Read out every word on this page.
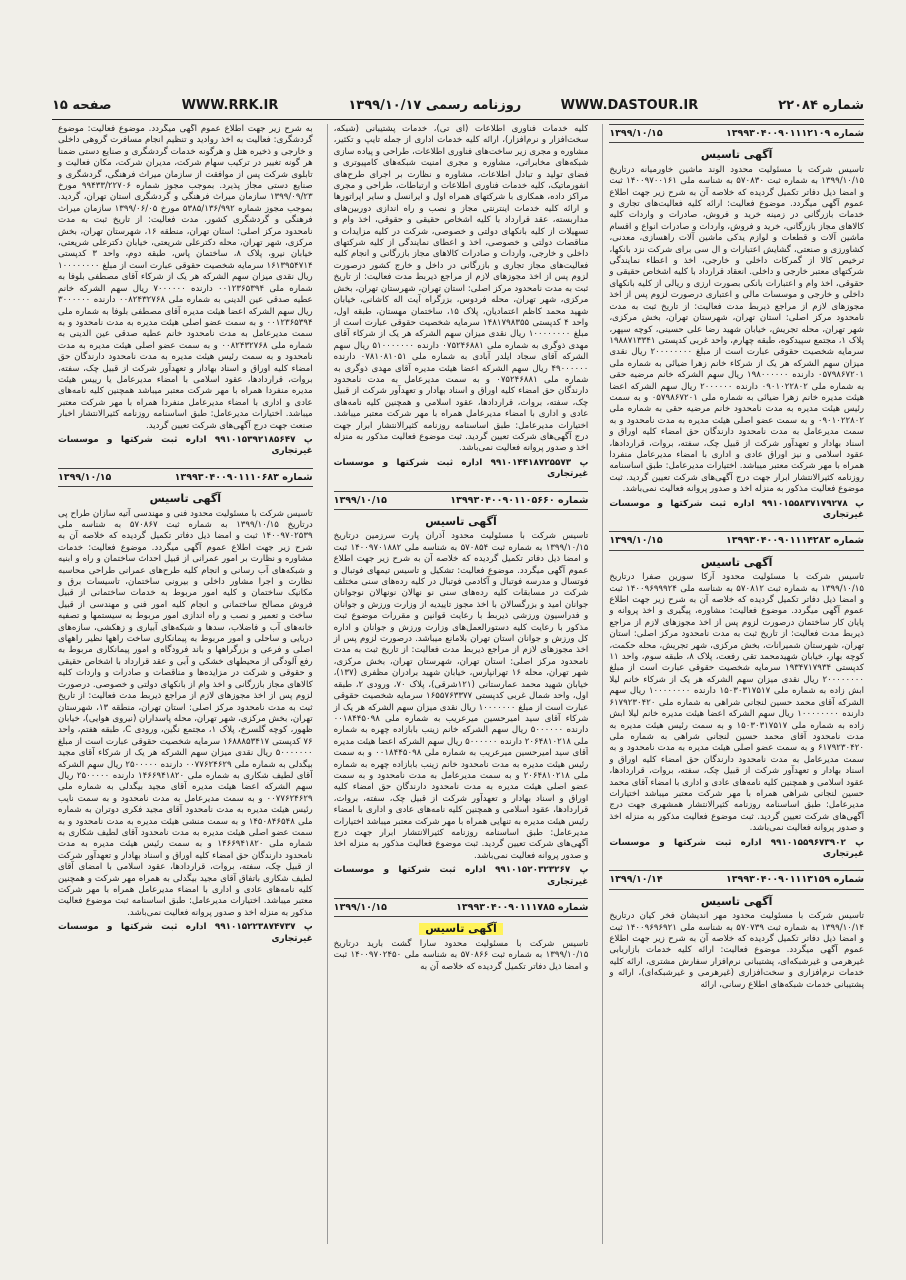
صفحه ۱۵	WWW.RRK.IR	روزنامه رسمی ۱۳۹۹/۱۰/۱۷	WWW.DASTOUR.IR	شماره ۲۲۰۸۴
شماره ۱۳۹۹۳۰۴۰۰۹۰۱۱۱۲۱۰۹
۱۳۹۹/۱۰/۱۵
آگهی تاسیس

تاسیس شرکت با مسئولیت محدود الوند ماشین خاورمیانه درتاریخ ۱۳۹۹/۱۰/۱۵ به شماره ثبت ۵۷۰۸۳۰ به شناسه ملی ۱۴۰۰۹۷۰۰۱۶۱ ثبت و امضا ذیل دفاتر تکمیل گردیده که خلاصه آن به شرح زیر جهت اطلاع عموم آگهی میگردد. موضوع فعالیت: ارائه کلیه فعالیت‌های تجاری و خدمات بازرگانی در زمینه خرید و فروش، صادرات و واردات کلیه کالاهای مجاز بازرگانی، خرید و فروش، واردات و صادرات انواع و اقسام ماشین آلات و قطعات و لوازم یدکی ماشین آلات راهسازی، معدنی، کشاورزی و صنعتی، گشایش اعتبارات و ال سی برای شرکت نزد بانکها، ترخیص کالا از گمرکات داخلی و خارجی، اخذ و اعطاء نمایندگی شرکتهای معتبر خارجی و داخلی. انعقاد قرارداد با کلیه اشخاص حقیقی و حقوقی، اخذ وام و اعتبارات بانکی بصورت ارزی و ریالی از کلیه بانکهای داخلی و خارجی و موسسات مالی و اعتباری درصورت لزوم پس از اخذ مجوزهای لازم از مراجع ذیربط مدت فعالیت: از تاریخ ثبت به مدت نامحدود مرکز اصلی: استان تهران، شهرستان تهران، بخش مرکزی، شهر تهران، محله تجریش، خیابان شهید رضا علی حسینی، کوچه سپهر، پلاک ۱، مجتمع سپیدکوه، طبقه چهارم، واحد غربی کدپستی ۱۹۸۸۷۱۳۳۴۱ سرمایه شخصیت حقوقی عبارت است از مبلغ ۲۰۰۰۰۰۰۰۰ ریال نقدی میزان سهم الشرکه هر یک از شرکاء خانم زهرا ضیائی به شماره ملی ۰۵۷۹۸۶۷۲۰۱ دارنده ۱۹۸۰۰۰۰۰۰ ریال سهم الشرکه خانم مرضیه حقی به شماره ملی ۰۹۰۱۰۲۲۸۰۲ دارنده ۲۰۰۰۰۰۰ ریال سهم الشرکه اعضا هیئت مدیره خانم زهرا ضیائی به شماره ملی ۰۵۷۹۸۶۷۲۰۱ و به سمت رئیس هیئت مدیره به مدت نامحدود خانم مرضیه حقی به شماره ملی ۰۹۰۱۰۲۲۸۰۲ و به سمت عضو اصلی هیئت مدیره به مدت نامحدود و به سمت مدیرعامل به مدت نامحدود دارندگان حق امضاء کلیه اوراق و اسناد بهادار و تعهدآور شرکت از قبیل چک، سفته، بروات، قراردادها، عقود اسلامی و نیز اوراق عادی و اداری با امضاء مدیرعامل منفردا همراه با مهر شرکت معتبر میباشد. اختیارات مدیرعامل: طبق اساسنامه روزنامه کثیرالانتشار ابرار جهت درج آگهی‌های شرکت تعیین گردید. ثبت موضوع فعالیت مذکور به منزله اخذ و صدور پروانه فعالیت نمی‌باشد.

پ ۹۹۱۰۱۵۵۸۳۷۱۷۹۲۷۸ اداره ثبت شرکتها و موسسات غیرتجاری
شماره ۱۳۹۹۳۰۴۰۰۹۰۱۱۱۴۲۸۳
۱۳۹۹/۱۰/۱۵
آگهی تاسیس

تاسیس شرکت با مسئولیت محدود آرکا سورین صفرا درتاریخ ۱۳۹۹/۱۰/۱۵ به شماره ثبت ۵۷۰۸۱۲ به شناسه ملی ۱۴۰۰۹۶۹۹۹۲۴ ثبت و امضا ذیل دفاتر تکمیل گردیده که خلاصه آن به شرح زیر جهت اطلاع عموم آگهی میگردد. موضوع فعالیت: مشاوره، پیگیری و اخذ پروانه و پایان کار ساختمان درصورت لزوم پس از اخذ مجوزهای لازم از مراجع ذیربط مدت فعالیت: از تاریخ ثبت به مدت نامحدود مرکز اصلی: استان تهران، شهرستان شمیرانات، بخش مرکزی، شهر تجریش، محله حکمت، کوچه بهار، خیابان شهیدمحمد تقی رفعت، پلاک ۸، طبقه سوم، واحد ۱۱ کدپستی ۱۹۳۴۷۱۷۹۳۴ سرمایه شخصیت حقوقی عبارت است از مبلغ ۲۰۰۰۰۰۰۰۰ ریال نقدی میزان سهم الشرکه هر یک از شرکاء خانم لیلا ابش زاده به شماره ملی ۱۵۰۳۰۳۱۷۵۱۷ دارنده ۱۰۰۰۰۰۰۰۰ ریال سهم الشرکه آقای محمد حسین لنجانی شراهی به شماره ملی ۶۱۷۹۲۳۰۴۲۰ دارنده ۱۰۰۰۰۰۰۰۰ ریال سهم الشرکه اعضا هیئت مدیره خانم لیلا ابش زاده به شماره ملی ۱۵۰۳۰۳۱۷۵۱۷ و به سمت رئیس هیئت مدیره به مدت نامحدود آقای محمد حسین لنجانی شراهی به شماره ملی ۶۱۷۹۲۳۰۴۲۰ و به سمت عضو اصلی هیئت مدیره به مدت نامحدود و به سمت مدیرعامل به مدت نامحدود دارندگان حق امضاء کلیه اوراق و اسناد بهادار و تعهدآور شرکت از قبیل چک، سفته، بروات، قراردادها، عقود اسلامی و همچنین کلیه نامه‌های عادی و اداری با امضاء آقای محمد حسین لنجانی شراهی همراه با مهر شرکت معتبر میباشد اختیارات مدیرعامل: طبق اساسنامه روزنامه کثیرالانتشار همشهری جهت درج آگهی‌های شرکت تعیین گردید. ثبت موضوع فعالیت مذکور به منزله اخذ و صدور پروانه فعالیت نمی‌باشد.

پ ۹۹۱۰۱۵۵۹۶۷۳۹۰۲ اداره ثبت شرکتها و موسسات غیرتجاری
شماره ۱۳۹۹۳۰۴۰۰۹۰۱۱۱۳۱۵۹
۱۳۹۹/۱۰/۱۴
آگهی تاسیس

تاسیس شرکت با مسئولیت محدود مهر اندیشان فخر کیان درتاریخ ۱۳۹۹/۱۰/۱۴ به شماره ثبت ۵۷۰۷۳۹ به شناسه ملی ۱۴۰۰۹۶۹۶۹۲۱ ثبت و امضا ذیل دفاتر تکمیل گردیده که خلاصه آن به شرح زیر جهت اطلاع عموم آگهی میگردد. موضوع فعالیت: ارائه کلیه خدمات بازاریابی غیرهرمی و غیرشبکه‌ای، پشتیبانی نرم‌افزار سفارش مشتری، ارائه کلیه خدمات نرم‌افزاری و سخت‌افزاری (غیرهرمی و غیرشبکه‌ای)، ارائه و پشتیبانی خدمات شبکه‌های اطلاع رسانی، ارائه

کلیه خدمات فناوری اطلاعات (آی تی)، خدمات پشتیبانی (شبکه، سخت‌افزار و نرم‌افزار)، ارائه کلیه خدمات اداری از جمله تایپ و تکثیر، مشاوره و مجری زیر ساخت‌های فناوری اطلاعات، طراحی و پیاده سازی شبکه‌های مخابراتی، مشاوره و مجری امنیت شبکه‌های کامپیوتری و فضای تولید و تبادل اطلاعات، مشاوره و نظارت بر اجرای طرح‌های انفورماتیک، کلیه خدمات فناوری اطلاعات و ارتباطات، طراحی و مجری مراکز داده، همکاری با شرکتهای همراه اول و ایرانسل و سایر اپراتورها و ارائه کلیه خدمات اینترنتی مجاز و نصب و راه اندازی دوربین‌های مداربسته، عقد قرارداد با کلیه اشخاص حقیقی و حقوقی، اخذ وام و تسهیلات از کلیه بانکهای دولتی و خصوصی، شرکت در کلیه مزایدات و مناقصات دولتی و خصوصی، اخذ و اعطای نمایندگی از کلیه شرکتهای داخلی و خارجی، واردات و صادرات کالاهای مجاز بازرگانی و انجام کلیه فعالیت‌های مجاز تجاری و بازرگانی در داخل و خارج کشور درصورت لزوم پس از اخذ مجوزهای لازم از مراجع ذیربط مدت فعالیت: از تاریخ ثبت به مدت نامحدود مرکز اصلی: استان تهران، شهرستان تهران، بخش مرکزی، شهر تهران، محله فردوس، بزرگراه آیت اله کاشانی، خیابان شهید محمد کاظم اعتمادیان، پلاک ۱۵، ساختمان مهستان، طبقه اول، واحد ۴ کدپستی ۱۴۸۱۷۹۸۳۵۵ سرمایه شخصیت حقوقی عبارت است از مبلغ ۱۰۰۰۰۰۰۰۰ ریال نقدی میزان سهم الشرکه هر یک از شرکاء آقای مهدی ذوگری به شماره ملی ۰۷۵۲۴۶۸۸۱ دارنده ۵۱۰۰۰۰۰۰۰ ریال سهم الشرکه آقای سجاد ایلدر آبادی به شماره ملی ۰۷۸۱۰۸۱۰۵۱ دارنده ۴۹۰۰۰۰۰۰ ریال سهم الشرکه اعضا هیئت مدیره آقای مهدی ذوگری به شماره ملی ۰۷۵۲۴۶۸۸۱ و به سمت مدیرعامل به مدت نامحدود دارندگان حق امضاء کلیه اوراق و اسناد بهادار و تعهدآور شرکت از قبیل چک، سفته، بروات، قراردادها، عقود اسلامی و همچنین کلیه نامه‌های عادی و اداری با امضاء مدیرعامل همراه با مهر شرکت معتبر میباشد. اختیارات مدیرعامل: طبق اساسنامه روزنامه کثیرالانتشار ابرار جهت درج آگهی‌های شرکت تعیین گردید. ثبت موضوع فعالیت مذکور به منزله اخذ و صدور پروانه فعالیت نمی‌باشد.

پ ۹۹۱۰۱۴۴۱۸۷۲۵۵۷۳ اداره ثبت شرکتها و موسسات غیرتجاری
شماره ۱۳۹۹۳۰۴۰۰۹۰۱۱۰۵۶۶۰
۱۳۹۹/۱۰/۱۵
آگهی تاسیس

تاسیس شرکت با مسئولیت محدود آذران پارت سرزمین درتاریخ ۱۳۹۹/۱۰/۱۵ به شماره ثبت ۵۷۰۸۵۴ به شناسه ملی ۱۴۰۰۹۷۰۱۸۸۲ ثبت و امضا ذیل دفاتر تکمیل گردیده که خلاصه آن به شرح زیر جهت اطلاع عموم آگهی میگردد. موضوع فعالیت: تشکیل و تاسیس تیمهای فوتبال و فوتسال و مدرسه فوتبال و آکادمی فوتبال در کلیه رده‌های سنی مختلف شرکت در مسابقات کلیه رده‌های سنی نو نهالان نونهالان نوجوانان جوانان امید و بزرگسالان با اخذ مجوز تاییدیه از وزارت ورزش و جوانان و فدراسیون ورزشی ذیربط با رعایت قوانین و مقررات موضوع ثبت مذکور با رعایت کلیه دستورالعمل‌های وزارت ورزش و جوانان و اداره کل ورزش و جوانان استان تهران بلامانع میباشد. درصورت لزوم پس از اخذ مجوزهای لازم از مراجع ذیربط مدت فعالیت: از تاریخ ثبت به مدت نامحدود مرکز اصلی: استان تهران، شهرستان تهران، بخش مرکزی، شهر تهران، محله ۱۶ تهرانپارس، خیابان شهید برادران مظفری (۱۳۷)، خیابان شهید محمد عمارستانی (۱۲۱شرقی)، پلاک ۷۰، ورودی ۲، طبقه اول، واحد شمال غربی کدپستی ۱۶۵۵۷۶۳۳۷۷ سرمایه شخصیت حقوقی عبارت است از مبلغ ۱۰۰۰۰۰۰۰ ریال نقدی میزان سهم الشرکه هر یک از شرکاء آقای سید امیرحسین میرعریب به شماره ملی ۰۰۱۸۴۴۵۰۹۸ دارنده ۵۰۰۰۰۰۰ ریال سهم الشرکه خانم زینب بابازاده چهره به شماره ملی ۲۰۶۴۸۱۰۲۱۸ دارنده ۵۰۰۰۰۰۰ ریال سهم الشرکه اعضا هیئت مدیره آقای سید امیرحسین میرعریب به شماره ملی ۰۰۱۸۴۴۵۰۹۸ و به سمت رئیس هیئت مدیره به مدت نامحدود خانم زینب بابازاده چهره به شماره ملی ۲۰۶۴۸۱۰۲۱۸ و به سمت مدیرعامل به مدت نامحدود و به سمت عضو اصلی هیئت مدیره به مدت نامحدود دارندگان حق امضاء کلیه اوراق و اسناد بهادار و تعهدآور شرکت از قبیل چک، سفته، بروات، قراردادها، عقود اسلامی و همچنین کلیه نامه‌های عادی و اداری با امضاء رئیس هیئت مدیره به تنهایی همراه با مهر شرکت معتبر میباشد اختیارات مدیرعامل: طبق اساسنامه روزنامه کثیرالانتشار ابرار جهت درج آگهی‌های شرکت تعیین گردید. ثبت موضوع فعالیت مذکور به منزله اخذ و صدور پروانه فعالیت نمی‌باشد.

پ ۹۹۱۰۱۵۲۰۳۲۳۲۶۷ اداره ثبت شرکتها و موسسات غیرتجاری
شماره ۱۳۹۹۳۰۴۰۰۹۰۱۱۱۷۸۵
۱۳۹۹/۱۰/۱۵
آگهی تاسیس

تاسیس شرکت با مسئولیت محدود سارا گشت بارید درتاریخ ۱۳۹۹/۱۰/۱۵ به شماره ثبت ۵۷۰۸۶۶ به شناسه ملی ۱۴۰۰۹۷۰۲۴۵۰ ثبت و امضا ذیل دفاتر تکمیل گردیده که خلاصه آن به

به شرح زیر جهت اطلاع عموم آگهی میگردد. موضوع فعالیت: موضوع گردشگری: فعالیت به اخذ روادید و تنظیم انجام مسافرت گروهی داخلی و خارجی و ذخیره هتل و هرگونه خدمات گردشگری و صنایع دستی ضمنا هر گونه تغییر در ترکیب سهام شرکت، مدیران شرکت، مکان فعالیت و تابلوی شرکت پس از موافقت از سازمان میراث فرهنگی، گردشگری و صنایع دستی مجاز پذیرد. بموجب مجوز شماره ۹۹۴۳۳/۲۲۷۰۶ مورخ ۱۳۹۹/۰۹/۲۳ سازمان میراث فرهنگی و گردشگری استان تهران، گردید. بموجب مجوز شماره ۵۳۸۵/۱۳۶/۹۹۲ مورخ ۱۳۹۹/۰۶/۰۵ سازمان میراث فرهنگی و گردشگری کشور. مدت فعالیت: از تاریخ ثبت به مدت نامحدود مرکز اصلی: استان تهران، منطقه ۱۶، شهرستان تهران، بخش مرکزی، شهر تهران، محله دکترعلی شریعتی، خیابان دکترعلی شریعتی، خیابان نیرو، پلاک ۸، ساختمان پاس، طبقه دوم، واحد ۳ کدپستی ۱۶۱۳۹۵۴۷۱۴ سرمایه شخصیت حقوقی عبارت است از مبلغ ۱۰۰۰۰۰۰۰۰ ریال نقدی میزان سهم الشرکه هر یک از شرکاء آقای مصطفی بلوفا به شماره ملی ۰۰۱۲۳۶۵۳۹۴ دارنده ۷۰۰۰۰۰۰ ریال سهم الشرکه خانم عطیه صدقی عین الدینی به شماره ملی ۰۰۸۲۴۳۲۷۶۸ دارنده ۳۰۰۰۰۰۰ ریال سهم الشرکه اعضا هیئت مدیره آقای مصطفی بلوفا به شماره ملی ۰۰۱۲۳۶۵۳۹۴ و به سمت عضو اصلی هیئت مدیره به مدت نامحدود و به سمت مدیرعامل به مدت نامحدود خانم عطیه صدقی عین الدینی به شماره ملی ۰۰۸۲۴۳۲۷۶۸ و به سمت عضو اصلی هیئت مدیره به مدت نامحدود و به سمت رئیس هیئت مدیره به مدت نامحدود دارندگان حق امضاء کلیه اوراق و اسناد بهادار و تعهدآور شرکت از قبیل چک، سفته، بروات، قراردادها، عقود اسلامی با امضاء مدیرعامل یا رییس هیئت مدیره منفردا همراه با مهر شرکت معتبر میباشد همچنین کلیه نامه‌های عادی و اداری با امضاء مدیرعامل منفردا همراه با مهر شرکت معتبر میباشد. اختیارات مدیرعامل: طبق اساسنامه روزنامه کثیرالانتشار اخبار صنعت جهت درج آگهی‌های شرکت تعیین گردید.

پ ۹۹۱۰۱۵۳۹۲۱۸۵۶۴۷ اداره ثبت شرکتها و موسسات غیرتجاری
شماره ۱۳۹۹۳۰۴۰۰۹۰۱۱۱۰۶۸۳
۱۳۹۹/۱۰/۱۵
آگهی تاسیس

تاسیس شرکت با مسئولیت محدود فنی و مهندسی آتیه سازان طراح پی درتاریخ ۱۳۹۹/۱۰/۱۵ به شماره ثبت ۵۷۰۸۶۷ به شناسه ملی ۱۴۰۰۹۷۰۲۵۳۹ ثبت و امضا ذیل دفاتر تکمیل گردیده که خلاصه آن به شرح زیر جهت اطلاع عموم آگهی میگردد. موضوع فعالیت: خدمات مشاوره و نظارت بر امور عمرانی از قبیل احداث ساختمان و راه و ابنیه و شبکه‌های آب رسانی و انجام کلیه طرح‌های عمرانی طراحی محاسبه نظارت و اجرا مشاور داخلی و بیرونی ساختمان، تاسیسات برق و مکانیک ساختمان و کلیه امور مربوط به خدمات ساختمانی از قبیل فروش مصالح ساختمانی و انجام کلیه امور فنی و مهندسی از قبیل ساخت و تعمیر و نصب و راه اندازی امور مربوط به سیستمها و تصفیه خانه‌های آب و فاضلاب، سدها و شبکه‌های آبیاری و زهکشی، سازه‌های دریایی و ساحلی و امور مربوط به پیمانکاری ساخت راهها نظیر راههای اصلی و فرعی و بزرگراهها و باند فرودگاه و امور پیمانکاری مربوط به رفع آلودگی از محیطهای خشکی و آبی و عقد قرارداد با اشخاص حقیقی و حقوقی و شرکت در مزایده‌ها و مناقصات و صادرات و واردات کلیه کالاهای مجاز بازرگانی و اخذ وام از بانکهای دولتی و خصوصی. درصورت لزوم پس از اخذ مجوزهای لازم از مراجع ذیربط مدت فعالیت: از تاریخ ثبت به مدت نامحدود مرکز اصلی: استان تهران، منطقه ۱۳، شهرستان تهران، بخش مرکزی، شهر تهران، محله پاسداران (نیروی هوایی)، خیابان ظهور، کوچه گلسرخ، پلاک ۱، مجتمع نگین، ورودی C، طبقه هفتم، واحد ۷۶ کدپستی ۱۶۸۸۸۵۳۴۱۷ سرمایه شخصیت حقوقی عبارت است از مبلغ ۵۰۰۰۰۰۰۰ ریال نقدی میزان سهم الشرکه هر یک از شرکاء آقای مجید بیگدلی به شماره ملی ۰۰۷۷۶۲۴۶۲۹ دارنده ۲۵۰۰۰۰۰ ریال سهم الشرکه آقای لطیف شکاری به شماره ملی ۱۴۶۶۹۴۱۸۲۰ دارنده ۲۵۰۰۰۰۰ ریال سهم الشرکه اعضا هیئت مدیره آقای مجید بیگدلی به شماره ملی ۰۰۷۷۶۲۴۶۲۹ و به سمت مدیرعامل به مدت نامحدود و به سمت نایب رئیس هیئت مدیره به مدت نامحدود آقای مجید فکری دوتران به شماره ملی ۱۴۵۰۸۴۶۵۴۸ و به سمت منشی هیئت مدیره به مدت نامحدود و به سمت عضو اصلی هیئت مدیره به مدت نامحدود آقای لطیف شکاری به شماره ملی ۱۴۶۶۹۴۱۸۲۰ و به سمت رئیس هیئت مدیره به مدت نامحدود دارندگان حق امضاء کلیه اوراق و اسناد بهادار و تعهدآور شرکت از قبیل چک، سفته، بروات، قراردادها، عقود اسلامی با امضای آقای لطیف شکاری باتفاق آقای مجید بیگدلی به همراه مهر شرکت و همچنین کلیه نامه‌های عادی و اداری با امضاء مدیرعامل همراه با مهر شرکت معتبر میباشد. اختیارات مدیرعامل: طبق اساسنامه ثبت موضوع فعالیت مذکور به منزله اخذ و صدور پروانه فعالیت نمی‌باشد.

پ ۹۹۱۰۱۵۲۲۳۸۷۴۷۳۷ اداره ثبت شرکتها و موسسات غیرتجاری
